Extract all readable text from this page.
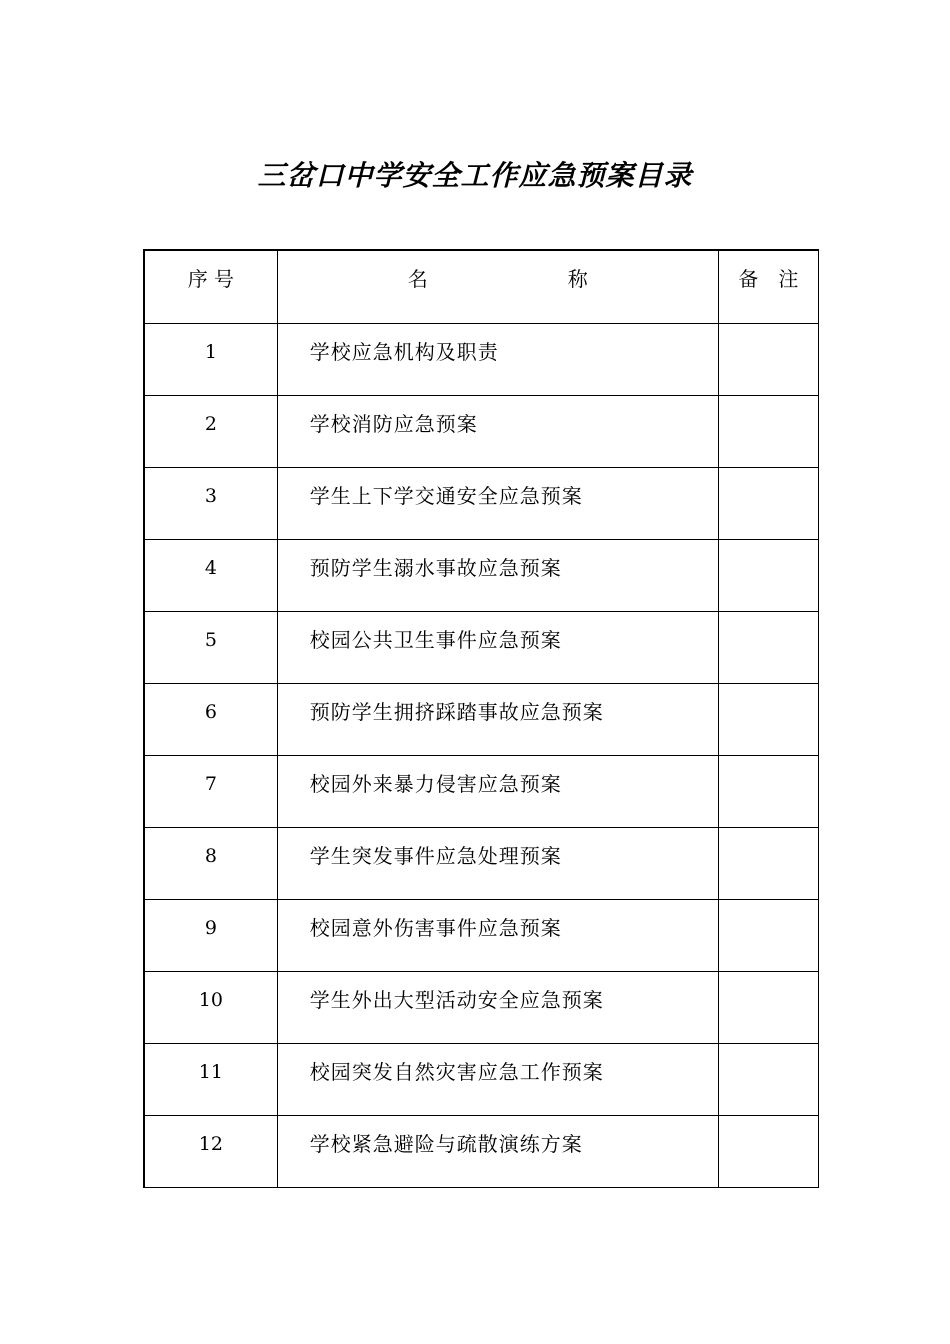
三岔口中学安全工作应急预案目录
序 号	名　　　　　　　称	备　注
1	学校应急机构及职责	
2	学校消防应急预案	
3	学生上下学交通安全应急预案	
4	预防学生溺水事故应急预案	
5	校园公共卫生事件应急预案	
6	预防学生拥挤踩踏事故应急预案	
7	校园外来暴力侵害应急预案	
8	学生突发事件应急处理预案	
9	校园意外伤害事件应急预案	
10	学生外出大型活动安全应急预案	
11	校园突发自然灾害应急工作预案	
12	学校紧急避险与疏散演练方案	
